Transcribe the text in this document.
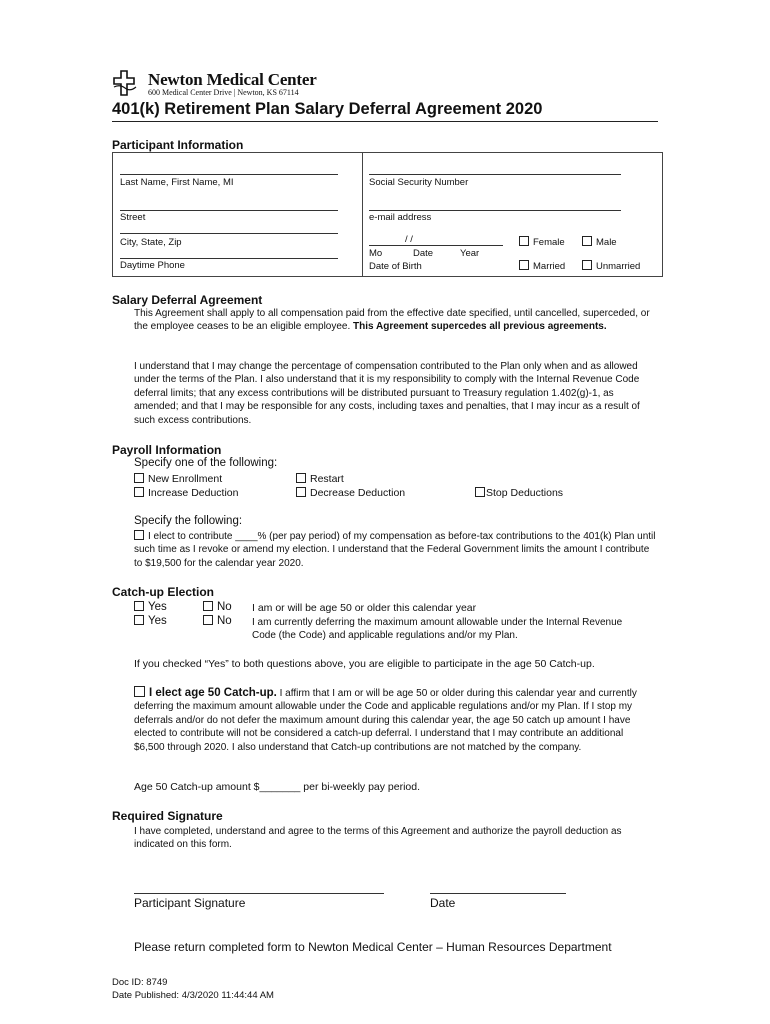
Newton Medical Center
600 Medical Center Drive | Newton, KS 67114
401(k) Retirement Plan Salary Deferral Agreement 2020
Participant Information
Last Name, First Name, MI	Social Security Number
Street	e-mail address
City, State, Zip	/ /
Mo	Date	Year
Date of Birth
Female	Male
Married	Unmarried
Daytime Phone
Salary Deferral Agreement
This Agreement shall apply to all compensation paid from the effective date specified, until cancelled, superceded, or the employee ceases to be an eligible employee. This Agreement supercedes all previous agreements.
I understand that I may change the percentage of compensation contributed to the Plan only when and as allowed under the terms of the Plan. I also understand that it is my responsibility to comply with the Internal Revenue Code deferral limits; that any excess contributions will be distributed pursuant to Treasury regulation 1.402(g)-1, as amended; and that I may be responsible for any costs, including taxes and penalties, that I may incur as a result of such excess contributions.
Payroll Information
Specify one of the following:
New Enrollment	Restart
Increase Deduction	Decrease Deduction	Stop Deductions
Specify the following:
I elect to contribute ____% (per pay period) of my compensation as before-tax contributions to the 401(k) Plan until such time as I revoke or amend my election. I understand that the Federal Government limits the amount I contribute to $19,500 for the calendar year 2020.
Catch-up Election
Yes	No I am or will be age 50 or older this calendar year
Yes	No I am currently deferring the maximum amount allowable under the Internal Revenue Code (the Code) and applicable regulations and/or my Plan.
If you checked “Yes” to both questions above, you are eligible to participate in the age 50 Catch-up.
I elect age 50 Catch-up. I affirm that I am or will be age 50 or older during this calendar year and currently deferring the maximum amount allowable under the Code and applicable regulations and/or my Plan. If I stop my deferrals and/or do not defer the maximum amount during this calendar year, the age 50 catch up amount I have elected to contribute will not be considered a catch-up deferral. I understand that I may contribute an additional $6,500 through 2020. I also understand that Catch-up contributions are not matched by the company.
Age 50 Catch-up amount $_______ per bi-weekly pay period.
Required Signature
I have completed, understand and agree to the terms of this Agreement and authorize the payroll deduction as indicated on this form.
Participant Signature	Date
Please return completed form to Newton Medical Center – Human Resources Department
Doc ID: 8749
Date Published: 4/3/2020 11:44:44 AM
